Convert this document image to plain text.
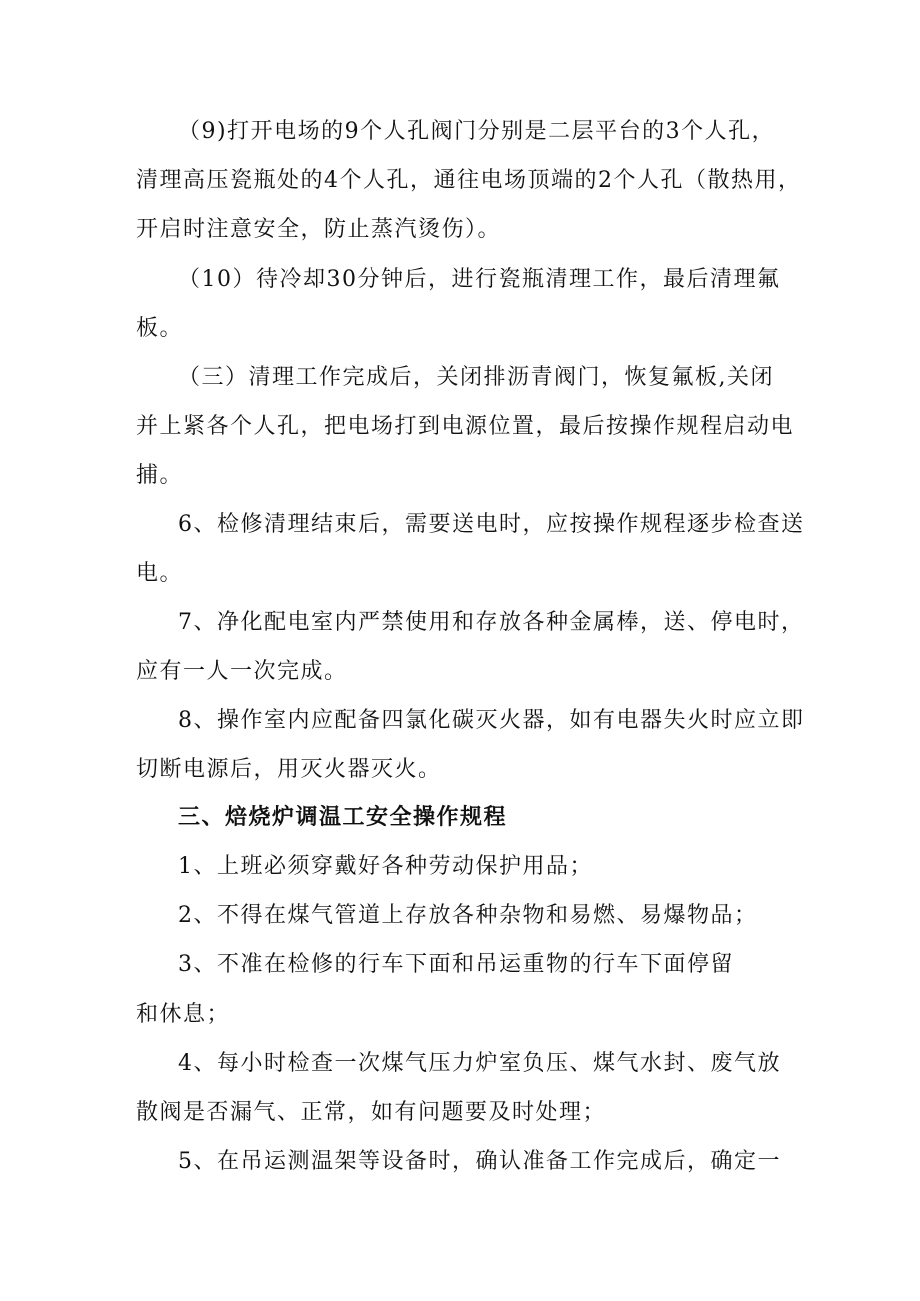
（9)打开电场的9个人孔阀门分别是二层平台的3个人孔，
清理高压瓷瓶处的4个人孔，通往电场顶端的2个人孔（散热用，
开启时注意安全，防止蒸汽烫伤）。
（10）待冷却30分钟后，进行瓷瓶清理工作，最后清理氟
板。
（三）清理工作完成后，关闭排沥青阀门，恢复氟板,关闭
并上紧各个人孔，把电场打到电源位置，最后按操作规程启动电
捕。
6、检修清理结束后，需要送电时，应按操作规程逐步检查送
电。
7、净化配电室内严禁使用和存放各种金属棒，送、停电时，
应有一人一次完成。
8、操作室内应配备四氯化碳灭火器，如有电器失火时应立即
切断电源后，用灭火器灭火。
三、焙烧炉调温工安全操作规程
1、上班必须穿戴好各种劳动保护用品；
2、不得在煤气管道上存放各种杂物和易燃、易爆物品；
3、不准在检修的行车下面和吊运重物的行车下面停留
和休息；
4、每小时检查一次煤气压力炉室负压、煤气水封、废气放
散阀是否漏气、正常，如有问题要及时处理；
5、在吊运测温架等设备时，确认准备工作完成后，确定一
